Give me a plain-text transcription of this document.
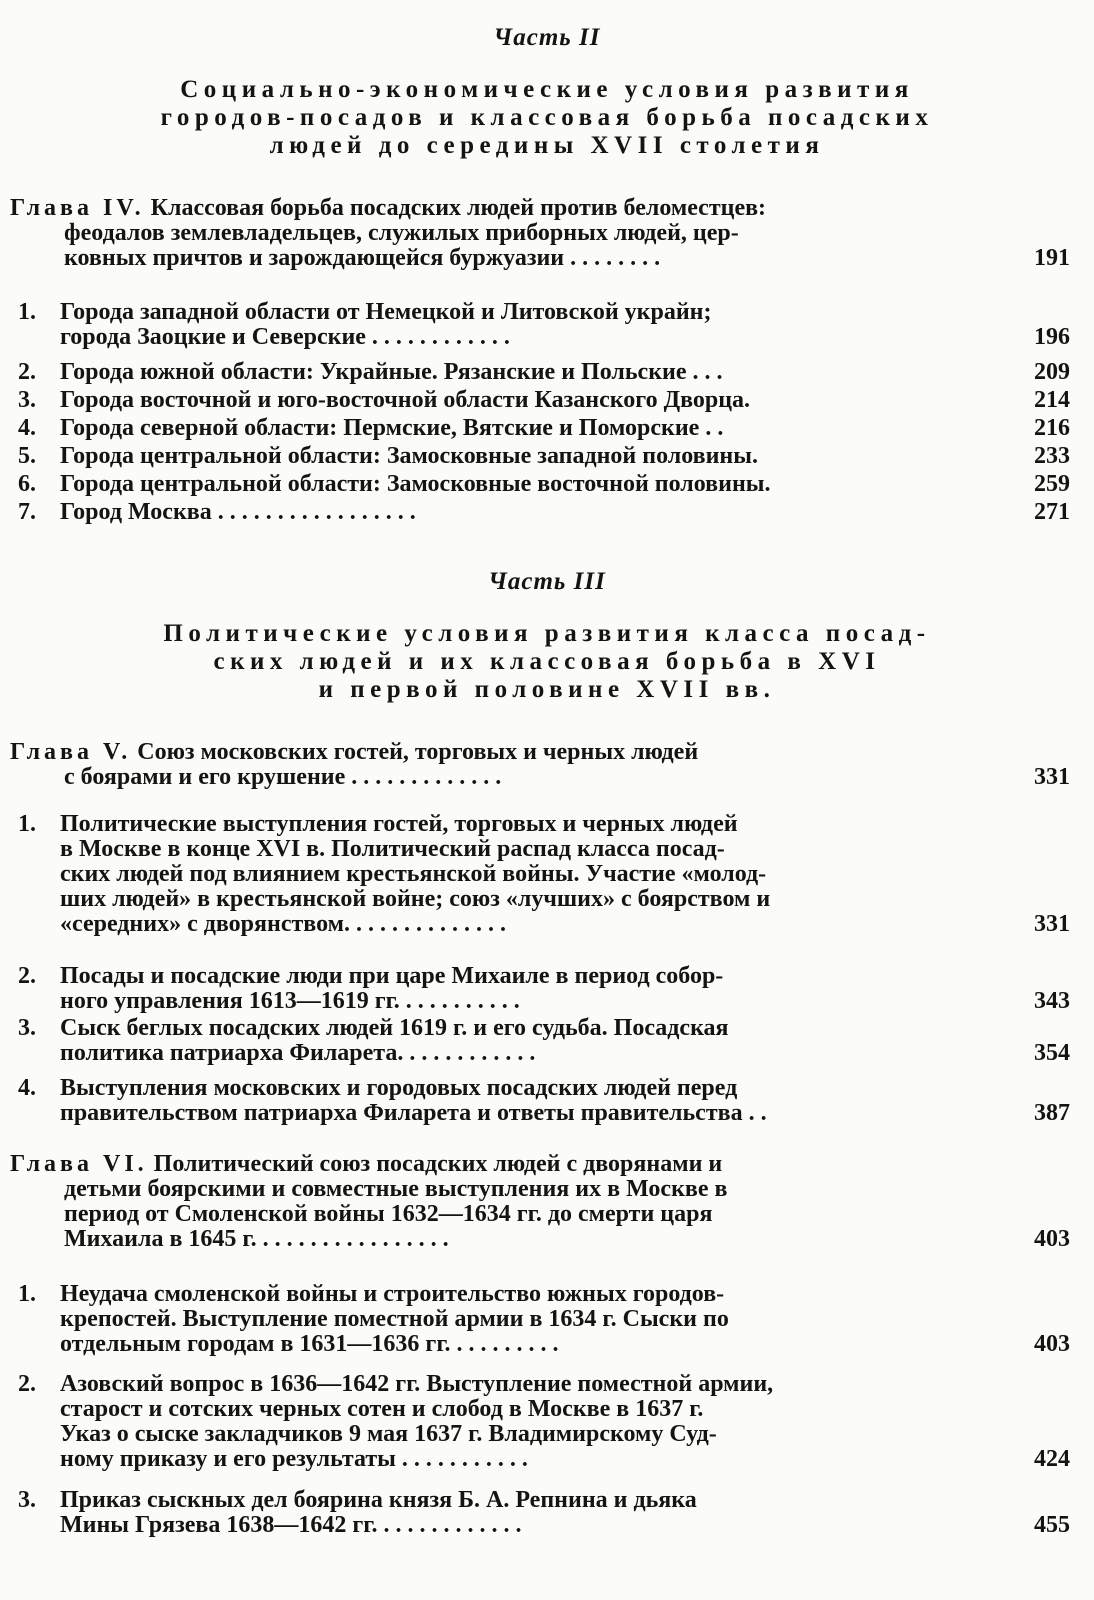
Часть II
Социально-экономические условия развития
городов-посадов и классовая борьба посадских
людей до середины XVII столетия
Глава IV. Классовая борьба посадских людей против беломестцев:
феодалов землевладельцев, служилых приборных людей, цер-
ковных причтов и зарождающейся буржуазии . . . . . . . .	191
1.	Города западной области от Немецкой и Литовской украйн;
города Заоцкие и Северские . . . . . . . . . . . .	196
2.	Города южной области: Украйные. Рязанские и Польские . . .	209
3.	Города восточной и юго-восточной области Казанского Дворца.	214
4.	Города северной области: Пермские, Вятские и Поморские . .	216
5.	Города центральной области: Замосковные западной половины.	233
6.	Города центральной области: Замосковные восточной половины.	259
7.	Город Москва . . . . . . . . . . . . . . . . .	271
Часть III
Политические условия развития класса посад-
ских людей и их классовая борьба в XVI
и первой половине XVII вв.
Глава V. Союз московских гостей, торговых и черных людей
с боярами и его крушение . . . . . . . . . . . . .	331
1.	Политические выступления гостей, торговых и черных людей
в Москве в конце XVI в. Политический распад класса посад-
ских людей под влиянием крестьянской войны. Участие «молод-
ших людей» в крестьянской войне; союз «лучших» с боярством и
«середних» с дворянством. . . . . . . . . . . . . .	331
2.	Посады и посадские люди при царе Михаиле в период собор-
ного управления 1613—1619 гг. . . . . . . . . . .	343
3.	Сыск беглых посадских людей 1619 г. и его судьба. Посадская
политика патриарха Филарета. . . . . . . . . . . .	354
4.	Выступления московских и городовых посадских людей перед
правительством патриарха Филарета и ответы правительства . .	387
Глава VI. Политический союз посадских людей с дворянами и
детьми боярскими и совместные выступления их в Москве в
период от Смоленской войны 1632—1634 гг. до смерти царя
Михаила в 1645 г. . . . . . . . . . . . . . . . .	403
1.	Неудача смоленской войны и строительство южных городов-
крепостей. Выступление поместной армии в 1634 г. Сыски по
отдельным городам в 1631—1636 гг. . . . . . . . . .	403
2.	Азовский вопрос в 1636—1642 гг. Выступление поместной армии,
старост и сотских черных сотен и слобод в Москве в 1637 г.
Указ о сыске закладчиков 9 мая 1637 г. Владимирскому Суд-
ному приказу и его результаты . . . . . . . . . . .	424
3.	Приказ сыскных дел боярина князя Б. А. Репнина и дьяка
Мины Грязева 1638—1642 гг. . . . . . . . . . . . .	455
